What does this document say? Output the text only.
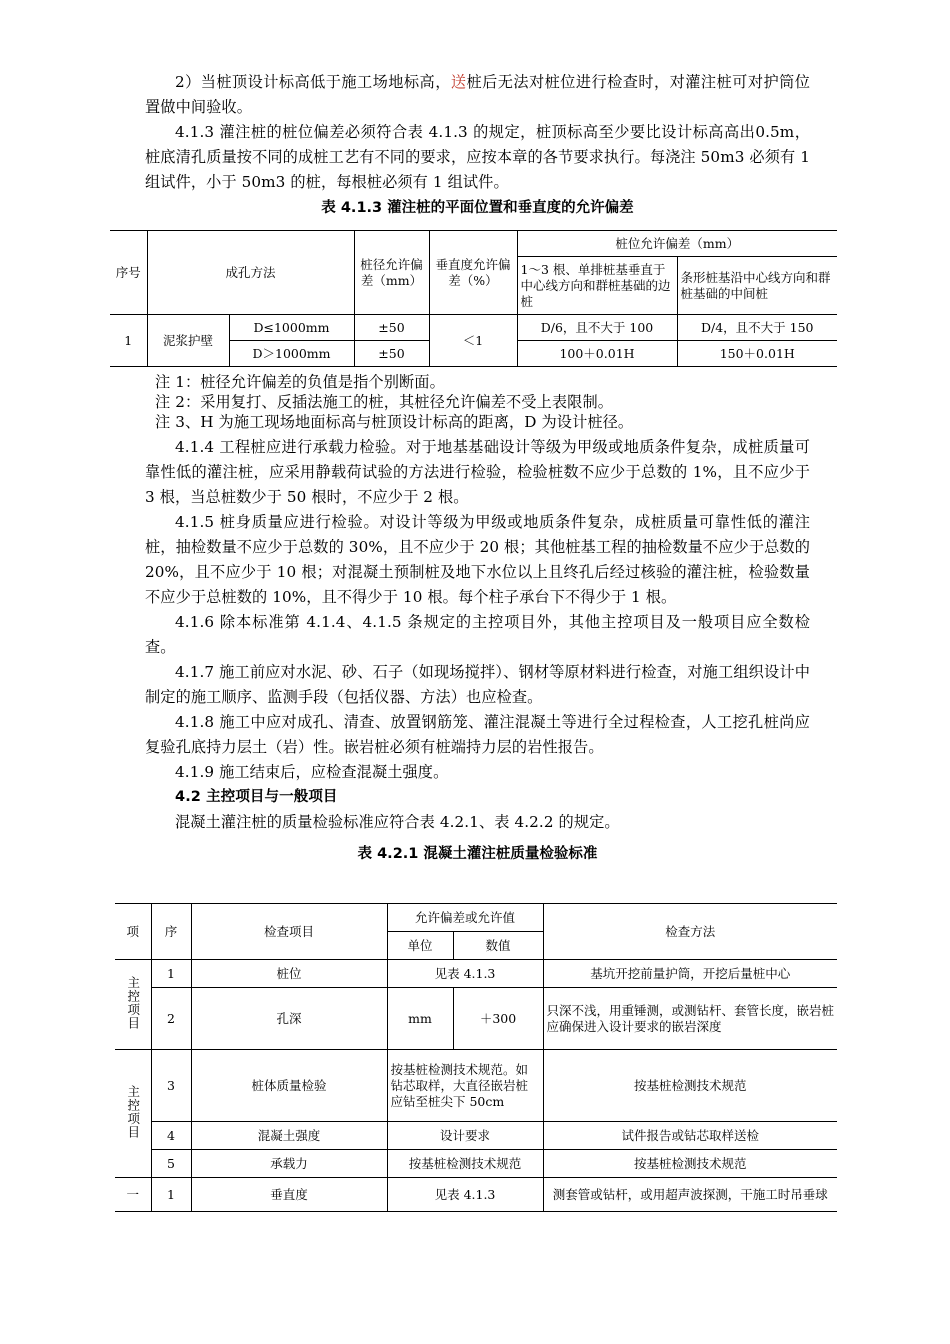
2）当桩顶设计标高低于施工场地标高，送桩后无法对桩位进行检查时，对灌注桩可对护筒位置做中间验收。

4.1.3 灌注桩的桩位偏差必须符合表 4.1.3 的规定，桩顶标高至少要比设计标高高出0.5m，桩底清孔质量按不同的成桩工艺有不同的要求，应按本章的各节要求执行。每浇注 50m3 必须有 1 组试件，小于 50m3 的桩，每根桩必须有 1 组试件。

表 4.1.3 灌注桩的平面位置和垂直度的允许偏差
序号	成孔方法		桩径允许偏差（mm）	垂直度允许偏差（%）	桩位允许偏差（mm）	
					1～3 根、单排桩基垂直于中心线方向和群桩基础的边桩	条形桩基沿中心线方向和群桩基础的中间桩
1	泥浆护壁	D≤1000mm	±50	＜1	D/6，且不大于 100	D/4，且不大于 150
		D＞1000mm	±50		100＋0.01H	150＋0.01H

注 1：桩径允许偏差的负值是指个别断面。

注 2：采用复打、反插法施工的桩，其桩径允许偏差不受上表限制。

注 3、H 为施工现场地面标高与桩顶设计标高的距离，D 为设计桩径。

4.1.4 工程桩应进行承载力检验。对于地基基础设计等级为甲级或地质条件复杂，成桩质量可靠性低的灌注桩，应采用静载荷试验的方法进行检验，检验桩数不应少于总数的 1%，且不应少于 3 根，当总桩数少于 50 根时，不应少于 2 根。

4.1.5 桩身质量应进行检验。对设计等级为甲级或地质条件复杂，成桩质量可靠性低的灌注桩，抽检数量不应少于总数的 30%，且不应少于 20 根；其他桩基工程的抽检数量不应少于总数的 20%，且不应少于 10 根；对混凝土预制桩及地下水位以上且终孔后经过核验的灌注桩，检验数量不应少于总桩数的 10%，且不得少于 10 根。每个柱子承台下不得少于 1 根。

4.1.6 除本标准第 4.1.4、4.1.5 条规定的主控项目外，其他主控项目及一般项目应全数检查。

4.1.7 施工前应对水泥、砂、石子（如现场搅拌）、钢材等原材料进行检查，对施工组织设计中制定的施工顺序、监测手段（包括仪器、方法）也应检查。

4.1.8 施工中应对成孔、清查、放置钢筋笼、灌注混凝土等进行全过程检查，人工挖孔桩尚应复验孔底持力层土（岩）性。嵌岩桩必须有桩端持力层的岩性报告。

4.1.9 施工结束后，应检查混凝土强度。

4.2 主控项目与一般项目

混凝土灌注桩的质量检验标准应符合表 4.2.1、表 4.2.2 的规定。

表 4.2.1 混凝土灌注桩质量检验标准
项	序	检查项目	允许偏差或允许值		检查方法
			单位	数值	
主控项目	1	桩位	见表 4.1.3		基坑开挖前量护筒，开挖后量桩中心
	2	孔深	mm	＋300	只深不浅，用重锤测，或测钻杆、套管长度，嵌岩桩应确保进入设计要求的嵌岩深度
主控项目	3	桩体质量检验	按基桩检测技术规范。如钻芯取样，大直径嵌岩桩应钻至桩尖下 50cm		按基桩检测技术规范
	4	混凝土强度	设计要求		试件报告或钻芯取样送检
	5	承载力	按基桩检测技术规范		按基桩检测技术规范
一	1	垂直度	见表 4.1.3		测套管或钻杆，或用超声波探测，干施工时吊垂球
